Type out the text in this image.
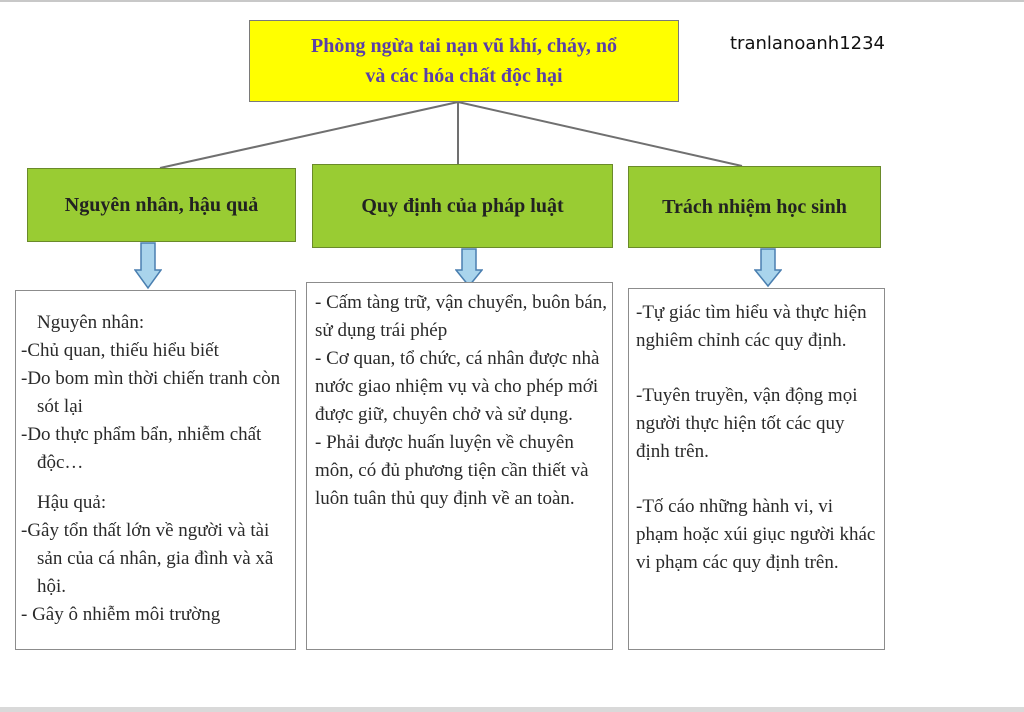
Phòng ngừa tai nạn vũ khí, cháy, nổ
và các hóa chất độc hại
tranlanoanh1234
Nguyên nhân, hậu quả	Quy định của pháp luật	Trách nhiệm học sinh

Nguyên nhân:

-Chủ quan, thiếu hiểu biết

-Do bom mìn thời chiến tranh còn sót lại

-Do thực phẩm bẩn, nhiễm chất độc…

Hậu quả:

-Gây tổn thất lớn về người và tài sản của cá nhân, gia đình và xã hội.

- Gây ô nhiễm môi trường

- Cấm tàng trữ, vận chuyển, buôn bán, sử dụng trái phép

- Cơ quan, tổ chức, cá nhân được nhà nước giao nhiệm vụ và cho phép mới được giữ, chuyên chở và sử dụng.

- Phải được huấn luyện về chuyên môn, có đủ phương tiện cần thiết và luôn tuân thủ quy định về an toàn.

-Tự giác tìm hiểu và thực hiện nghiêm chỉnh các quy định.

-Tuyên truyền, vận động mọi người thực hiện tốt các quy định trên.

-Tố cáo những hành vi, vi phạm hoặc xúi giục người khác vi phạm các quy định trên.
